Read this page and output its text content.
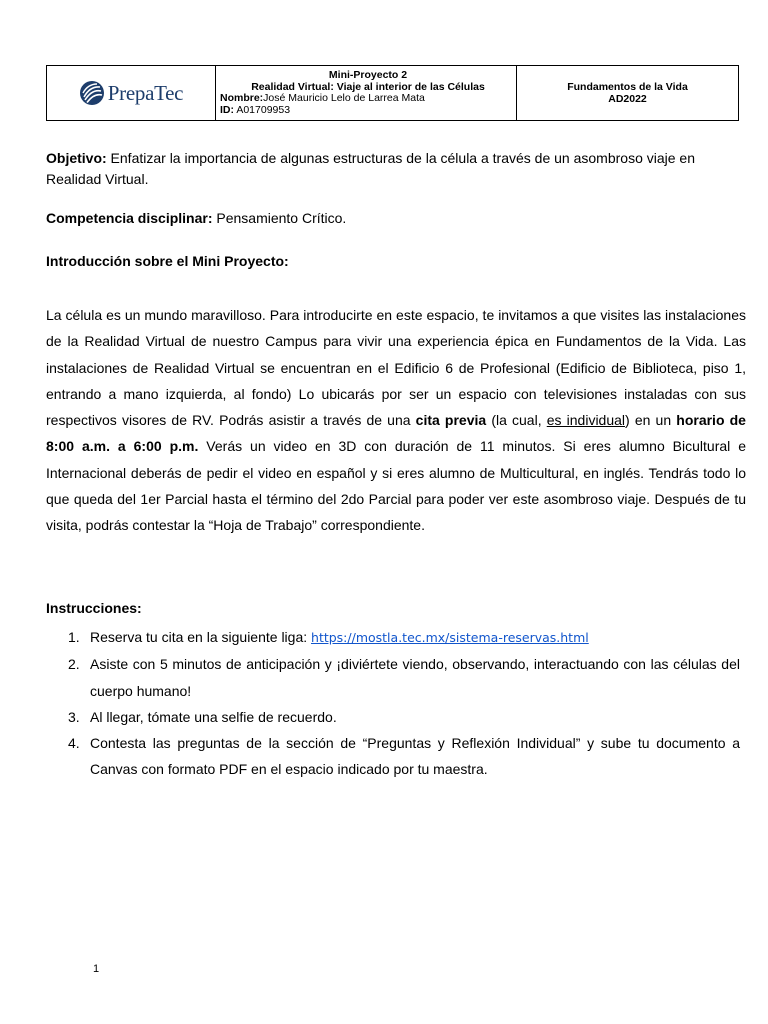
PrepaTec

Mini-Proyecto 2
Realidad Virtual: Viaje al interior de las Células
Nombre:José Mauricio Lelo de Larrea Mata
ID: A01709953

Fundamentos de la Vida
AD2022
Objetivo: Enfatizar la importancia de algunas estructuras de la célula a través de un asombroso viaje en Realidad Virtual.
Competencia disciplinar: Pensamiento Crítico.
Introducción sobre el Mini Proyecto:
La célula es un mundo maravilloso. Para introducirte en este espacio, te invitamos a que visites las instalaciones de la Realidad Virtual de nuestro Campus para vivir una experiencia épica en Fundamentos de la Vida. Las instalaciones de Realidad Virtual se encuentran en el Edificio 6 de Profesional (Edificio de Biblioteca, piso 1, entrando a mano izquierda, al fondo) Lo ubicarás por ser un espacio con televisiones instaladas con sus respectivos visores de RV. Podrás asistir a través de una cita previa (la cual, es individual) en un horario de 8:00 a.m. a 6:00 p.m. Verás un video en 3D con duración de 11 minutos. Si eres alumno Bicultural e Internacional deberás de pedir el video en español y si eres alumno de Multicultural, en inglés. Tendrás todo lo que queda del 1er Parcial hasta el término del 2do Parcial para poder ver este asombroso viaje. Después de tu visita, podrás contestar la “Hoja de Trabajo” correspondiente.
Instrucciones:
1. Reserva tu cita en la siguiente liga: https://mostla.tec.mx/sistema-reservas.html
2. Asiste con 5 minutos de anticipación y ¡diviértete viendo, observando, interactuando con las células del cuerpo humano!
3. Al llegar, tómate una selfie de recuerdo.
4. Contesta las preguntas de la sección de “Preguntas y Reflexión Individual” y sube tu documento a Canvas con formato PDF en el espacio indicado por tu maestra.
1
